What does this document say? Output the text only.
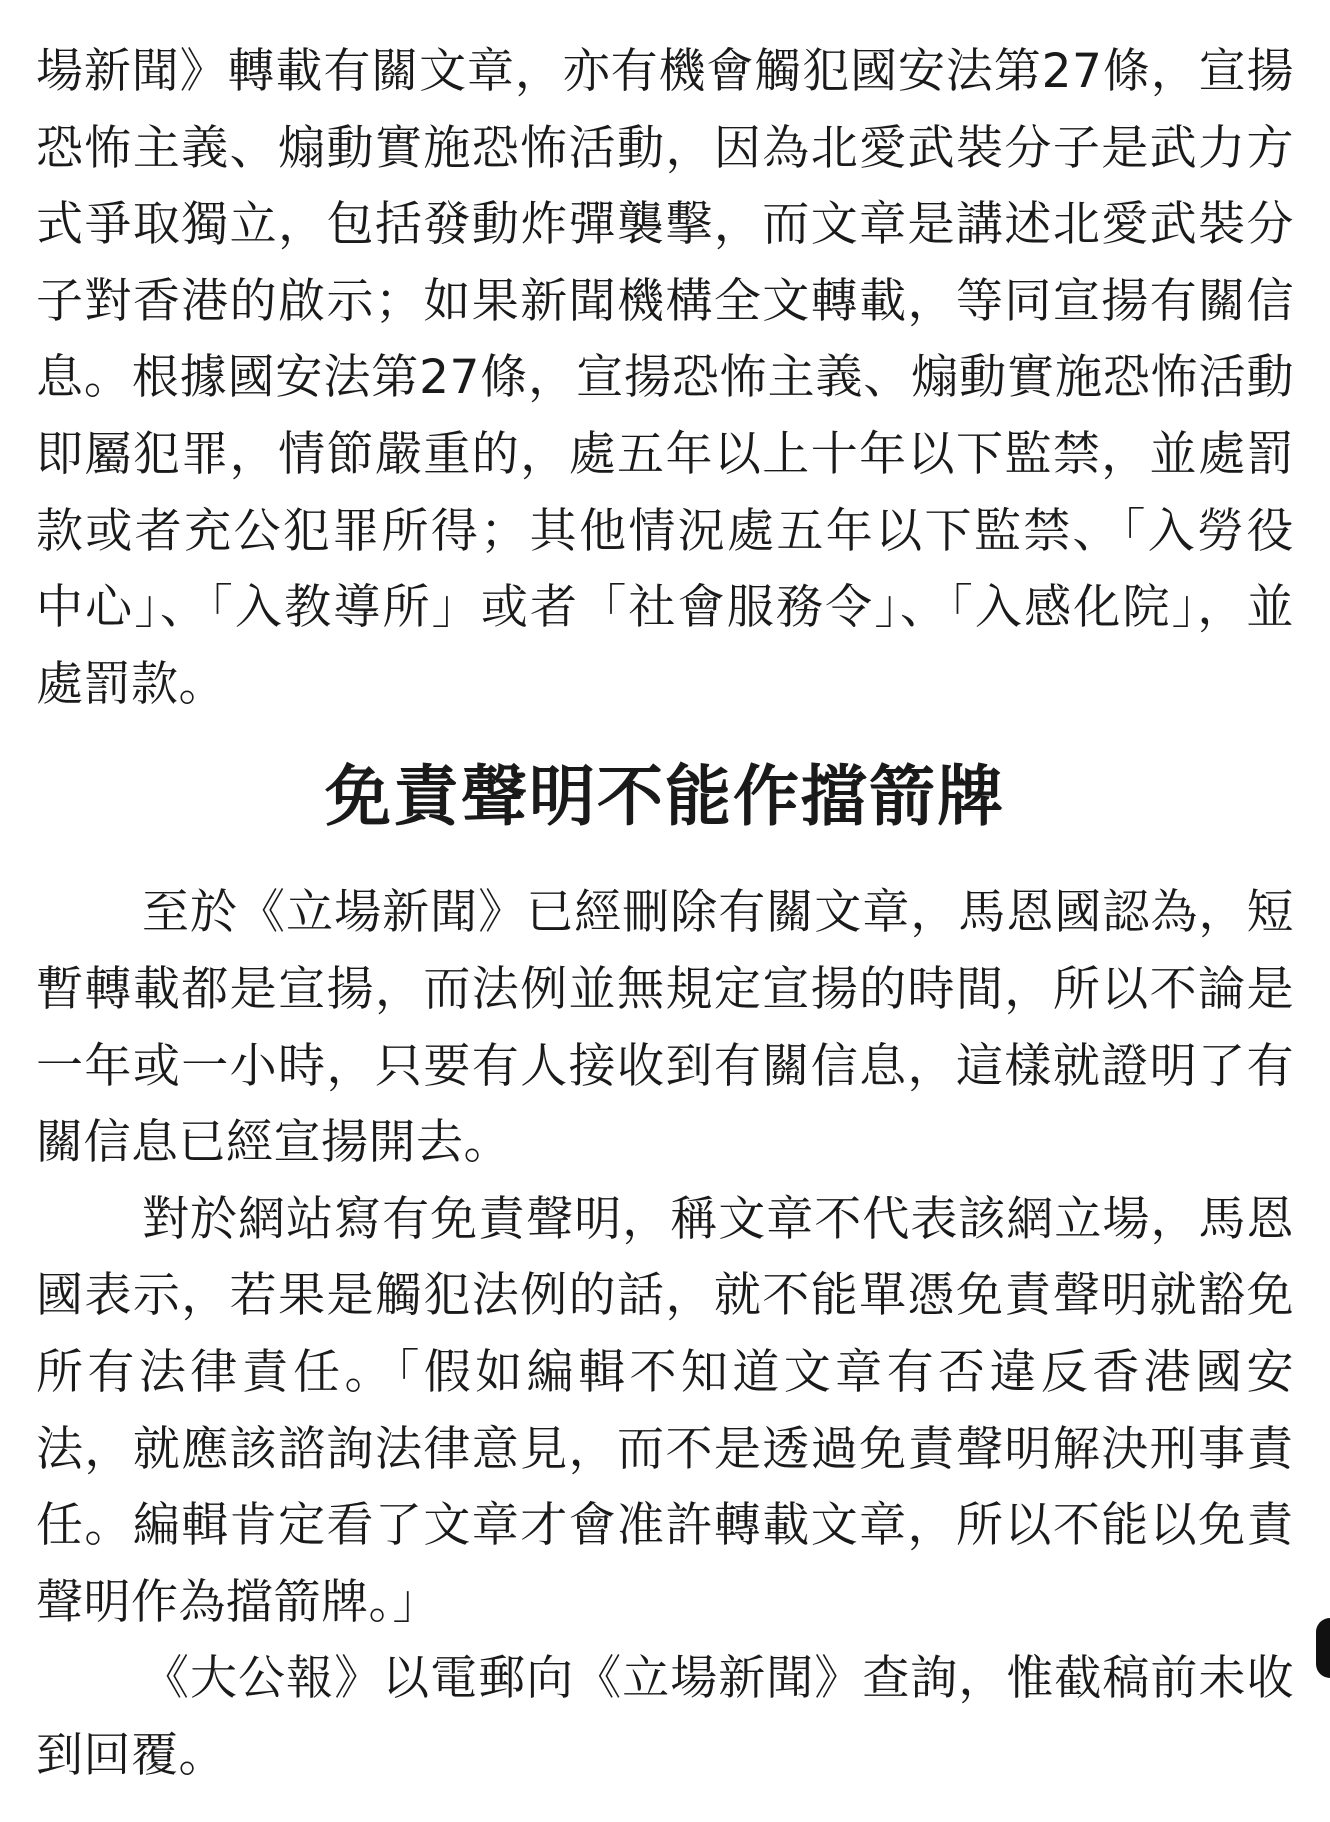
場新聞》轉載有關文章，亦有機會觸犯國安法第27條，宣揚恐怖主義、煽動實施恐怖活動，因為北愛武裝分子是武力方式爭取獨立，包括發動炸彈襲擊，而文章是講述北愛武裝分子對香港的啟示；如果新聞機構全文轉載，等同宣揚有關信息。根據國安法第27條，宣揚恐怖主義、煽動實施恐怖活動即屬犯罪，情節嚴重的，處五年以上十年以下監禁，並處罰款或者充公犯罪所得；其他情況處五年以下監禁、「入勞役中心」、「入教導所」或者「社會服務令」、「入感化院」，並處罰款。

免責聲明不能作擋箭牌

至於《立場新聞》已經刪除有關文章，馬恩國認為，短暫轉載都是宣揚，而法例並無規定宣揚的時間，所以不論是一年或一小時，只要有人接收到有關信息，這樣就證明了有關信息已經宣揚開去。

對於網站寫有免責聲明，稱文章不代表該網立場，馬恩國表示，若果是觸犯法例的話，就不能單憑免責聲明就豁免所有法律責任。「假如編輯不知道文章有否違反香港國安法，就應該諮詢法律意見，而不是透過免責聲明解決刑事責任。編輯肯定看了文章才會准許轉載文章，所以不能以免責聲明作為擋箭牌。」

《大公報》以電郵向《立場新聞》查詢，惟截稿前未收到回覆。
